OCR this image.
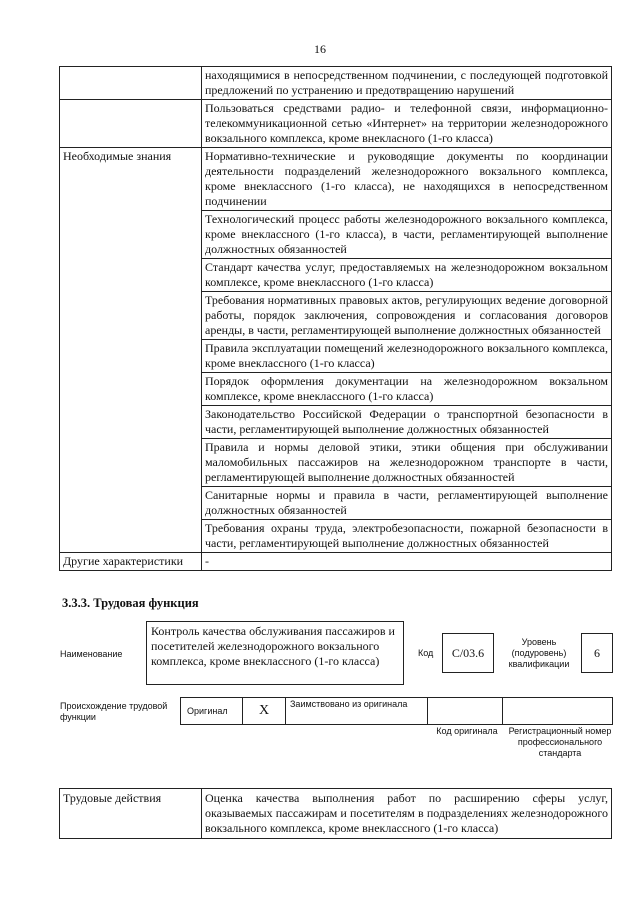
16
	находящимися в непосредственном подчинении, с последующей подготовкой предложений по устранению и предотвращению нарушений
	Пользоваться средствами радио- и телефонной связи, информационно-телекоммуникационной сетью «Интернет» на территории железнодорожного вокзального комплекса, кроме внекласного (1-го класса)
Необходимые знания	Нормативно-технические и руководящие документы по координации деятельности подразделений железнодорожного вокзального комплекса, кроме внеклассного (1-го класса), не находящихся в непосредственном подчинении
	Технологический процесс работы железнодорожного вокзального комплекса, кроме внеклассного (1-го класса), в части, регламентирующей выполнение должностных обязанностей
	Стандарт качества услуг, предоставляемых на железнодорожном вокзальном комплексе, кроме внеклассного (1-го класса)
	Требования нормативных правовых актов, регулирующих ведение договорной работы, порядок заключения, сопровождения и согласования договоров аренды, в части, регламентирующей выполнение должностных обязанностей
	Правила эксплуатации помещений железнодорожного вокзального комплекса, кроме внеклассного (1-го класса)
	Порядок оформления документации на железнодорожном вокзальном комплексе, кроме внеклассного (1-го класса)
	Законодательство Российской Федерации о транспортной безопасности в части, регламентирующей выполнение должностных обязанностей
	Правила и нормы деловой этики, этики общения при обслуживании маломобильных пассажиров на железнодорожном транспорте в части, регламентирующей выполнение должностных обязанностей
	Санитарные нормы и правила в части, регламентирующей выполнение должностных обязанностей
	Требования охраны труда, электробезопасности, пожарной безопасности в части, регламентирующей выполнение должностных обязанностей
Другие характеристики	-
3.3.3. Трудовая функция
Наименование
Контроль качества обслуживания пассажиров и посетителей железнодорожного вокзального комплекса, кроме внеклассного (1-го класса)
Код	С/03.6
Уровень (подуровень) квалификации
6
Происхождение трудовой функции
Оригинал	X	Заимствовано из оригинала
Код оригинала	Регистрационный номер профессионального стандарта
Трудовые действия	Оценка качества выполнения работ по расширению сферы услуг, оказываемых пассажирам и посетителям в подразделениях железнодорожного вокзального комплекса, кроме внеклассного (1-го класса)
